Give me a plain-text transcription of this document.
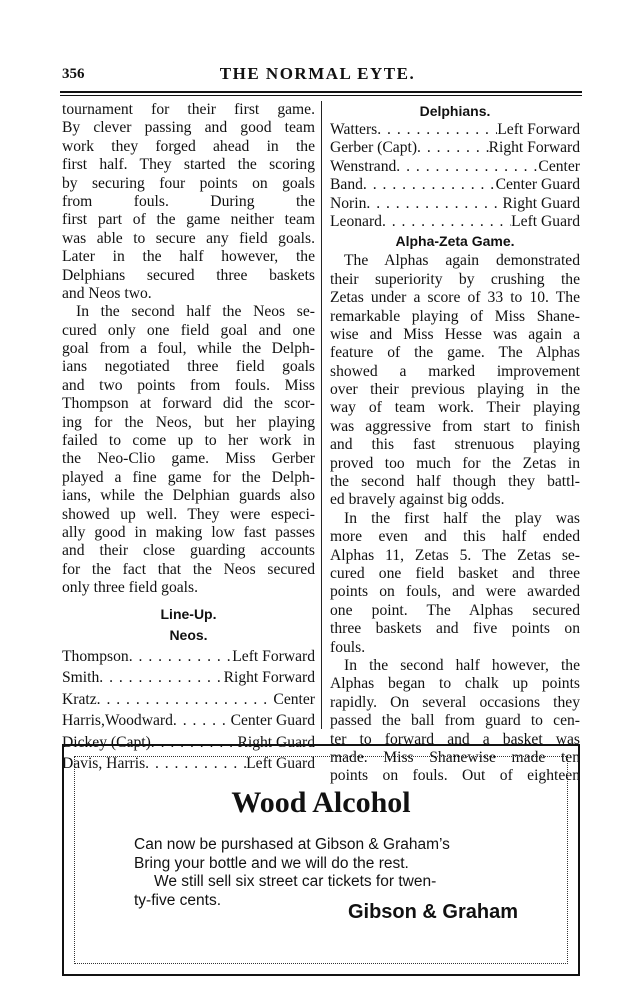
356	THE NORMAL EYTE.
tournament for their first game.
By clever passing and good team
work they forged ahead in the
first half. They started the scoring
by securing four points on goals
from fouls. During the
first part of the game neither team
was able to secure any field goals.
Later in the half however, the
Delphians secured three baskets
and Neos two.
In the second half the Neos se-
cured only one field goal and one
goal from a foul, while the Delph-
ians negotiated three field goals
and two points from fouls. Miss
Thompson at forward did the scor-
ing for the Neos, but her playing
failed to come up to her work in
the Neo-Clio game. Miss Gerber
played a fine game for the Delph-
ians, while the Delphian guards also
showed up well. They were especi-
ally good in making low fast passes
and their close guarding accounts
for the fact that the Neos secured
only three field goals.
Line-Up.
Neos.
Thompson . . .	Left Forward
Smith . . .	Right Forward
Kratz . . .	Center
Harris,Woodward . . .	Center Guard
Dickey (Capt) . . .	Right Guard
Davis, Harris . . .	Left Guard
Delphians.
Watters . . .	Left Forward
Gerber (Capt) . . .	Right Forward
Wenstrand . . .	Center
Band . . .	Center Guard
Norin . . .	Right Guard
Leonard . . .	Left Guard
Alpha-Zeta Game.
The Alphas again demonstrated
their superiority by crushing the
Zetas under a score of 33 to 10. The
remarkable playing of Miss Shane-
wise and Miss Hesse was again a
feature of the game. The Alphas
showed a marked improvement
over their previous playing in the
way of team work. Their playing
was aggressive from start to finish
and this fast strenuous playing
proved too much for the Zetas in
the second half though they battl-
ed bravely against big odds.
In the first half the play was
more even and this half ended
Alphas 11, Zetas 5. The Zetas se-
cured one field basket and three
points on fouls, and were awarded
one point. The Alphas secured
three baskets and five points on
fouls.
In the second half however, the
Alphas began to chalk up points
rapidly. On several occasions they
passed the ball from guard to cen-
ter to forward and a basket was
made. Miss Shanewise made ten
points on fouls. Out of eighteen
Wood Alcohol
Can now be purshased at Gibson & Graham’s
Bring your bottle and we will do the rest.
We still sell six street car tickets for twen-
ty-five cents.
Gibson & Graham
